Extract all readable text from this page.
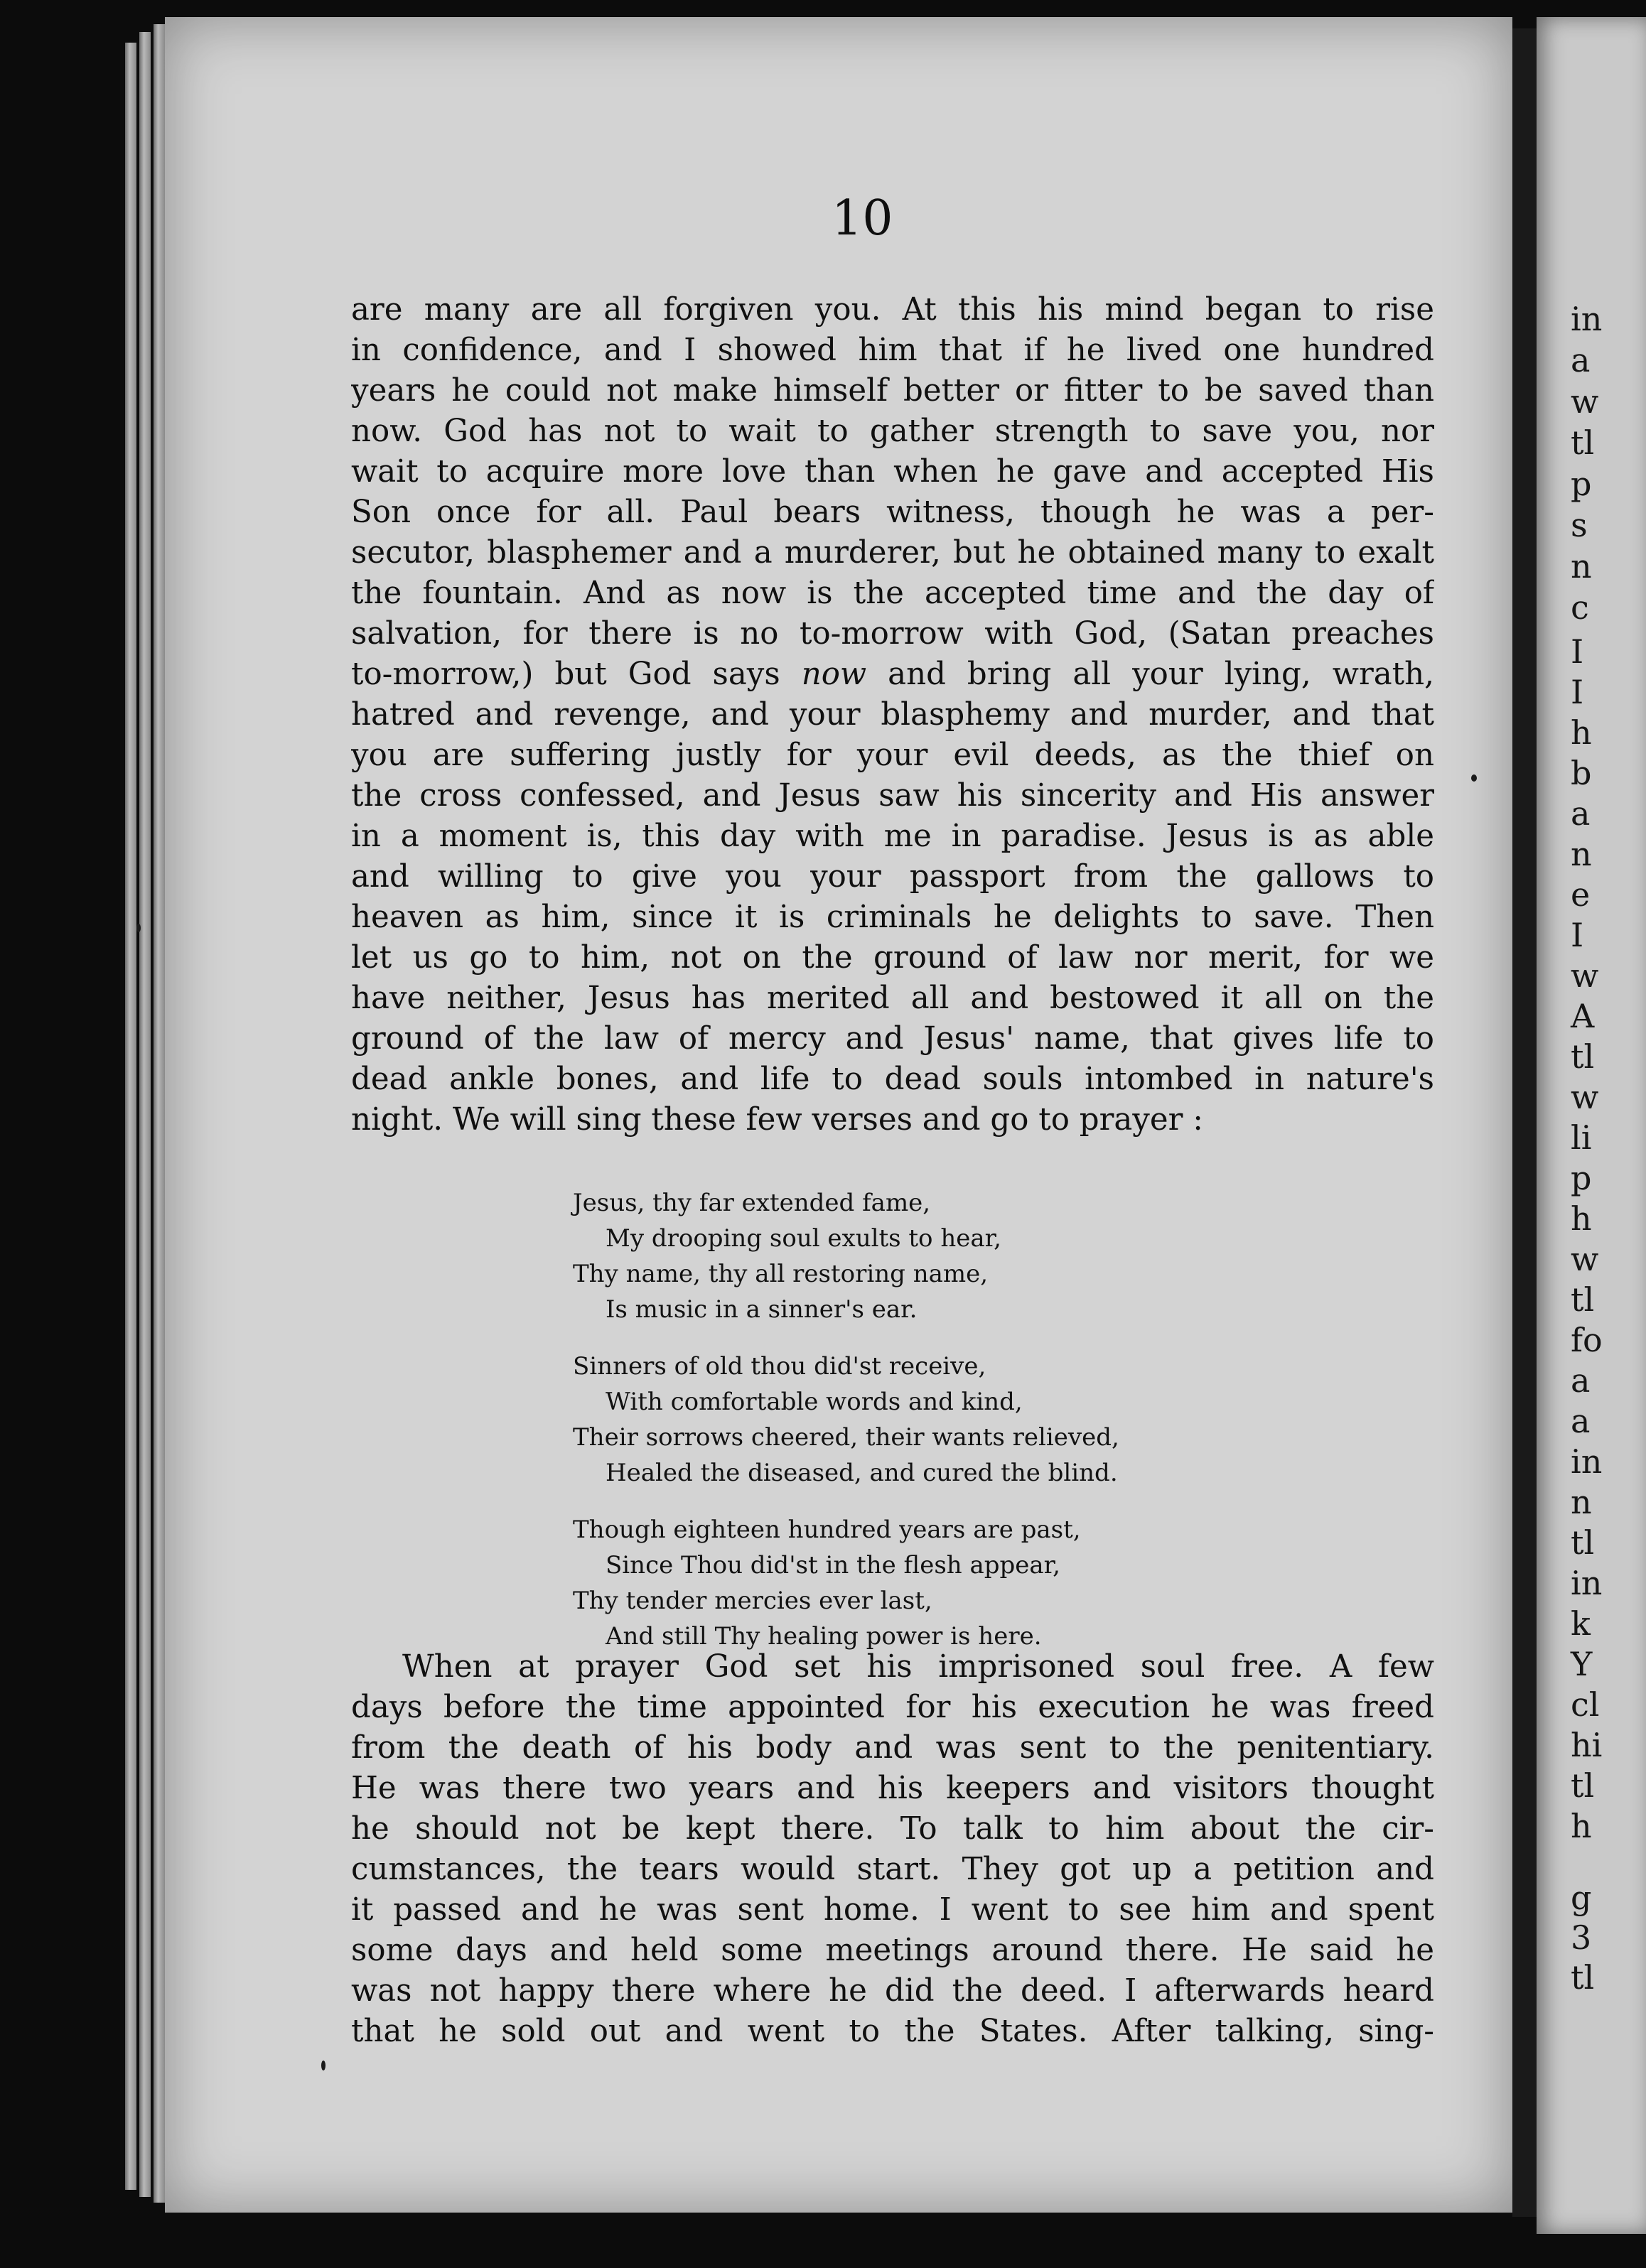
in
a
w
tl
p
s
n
c
I
I
h
b
a
n
e
I
w
A
tl
w
li
p
h
w
tl
fo
a
a
in
n
tl
in
k
Y
cl
hi
tl
h
g
3
tl
10
are many are all forgiven you. At this his mind began to rise
in confidence, and I showed him that if he lived one hundred
years he could not make himself better or fitter to be saved than
now. God has not to wait to gather strength to save you, nor
wait to acquire more love than when he gave and accepted His
Son once for all. Paul bears witness, though he was a per-
secutor, blasphemer and a murderer, but he obtained many to exalt
the fountain. And as now is the accepted time and the day of
salvation, for there is no to-morrow with God, (Satan preaches
to-morrow,) but God says now and bring all your lying, wrath,
hatred and revenge, and your blasphemy and murder, and that
you are suffering justly for your evil deeds, as the thief on
the cross confessed, and Jesus saw his sincerity and His answer
in a moment is, this day with me in paradise. Jesus is as able
and willing to give you your passport from the gallows to
heaven as him, since it is criminals he delights to save. Then
let us go to him, not on the ground of law nor merit, for we
have neither, Jesus has merited all and bestowed it all on the
ground of the law of mercy and Jesus' name, that gives life to
dead ankle bones, and life to dead souls intombed in nature's
night. We will sing these few verses and go to prayer :
Jesus, thy far extended fame,
My drooping soul exults to hear,
Thy name, thy all restoring name,
Is music in a sinner's ear.
Sinners of old thou did'st receive,
With comfortable words and kind,
Their sorrows cheered, their wants relieved,
Healed the diseased, and cured the blind.
Though eighteen hundred years are past,
Since Thou did'st in the flesh appear,
Thy tender mercies ever last,
And still Thy healing power is here.
When at prayer God set his imprisoned soul free. A few
days before the time appointed for his execution he was freed
from the death of his body and was sent to the penitentiary.
He was there two years and his keepers and visitors thought
he should not be kept there. To talk to him about the cir-
cumstances, the tears would start. They got up a petition and
it passed and he was sent home. I went to see him and spent
some days and held some meetings around there. He said he
was not happy there where he did the deed. I afterwards heard
that he sold out and went to the States. After talking, sing-
